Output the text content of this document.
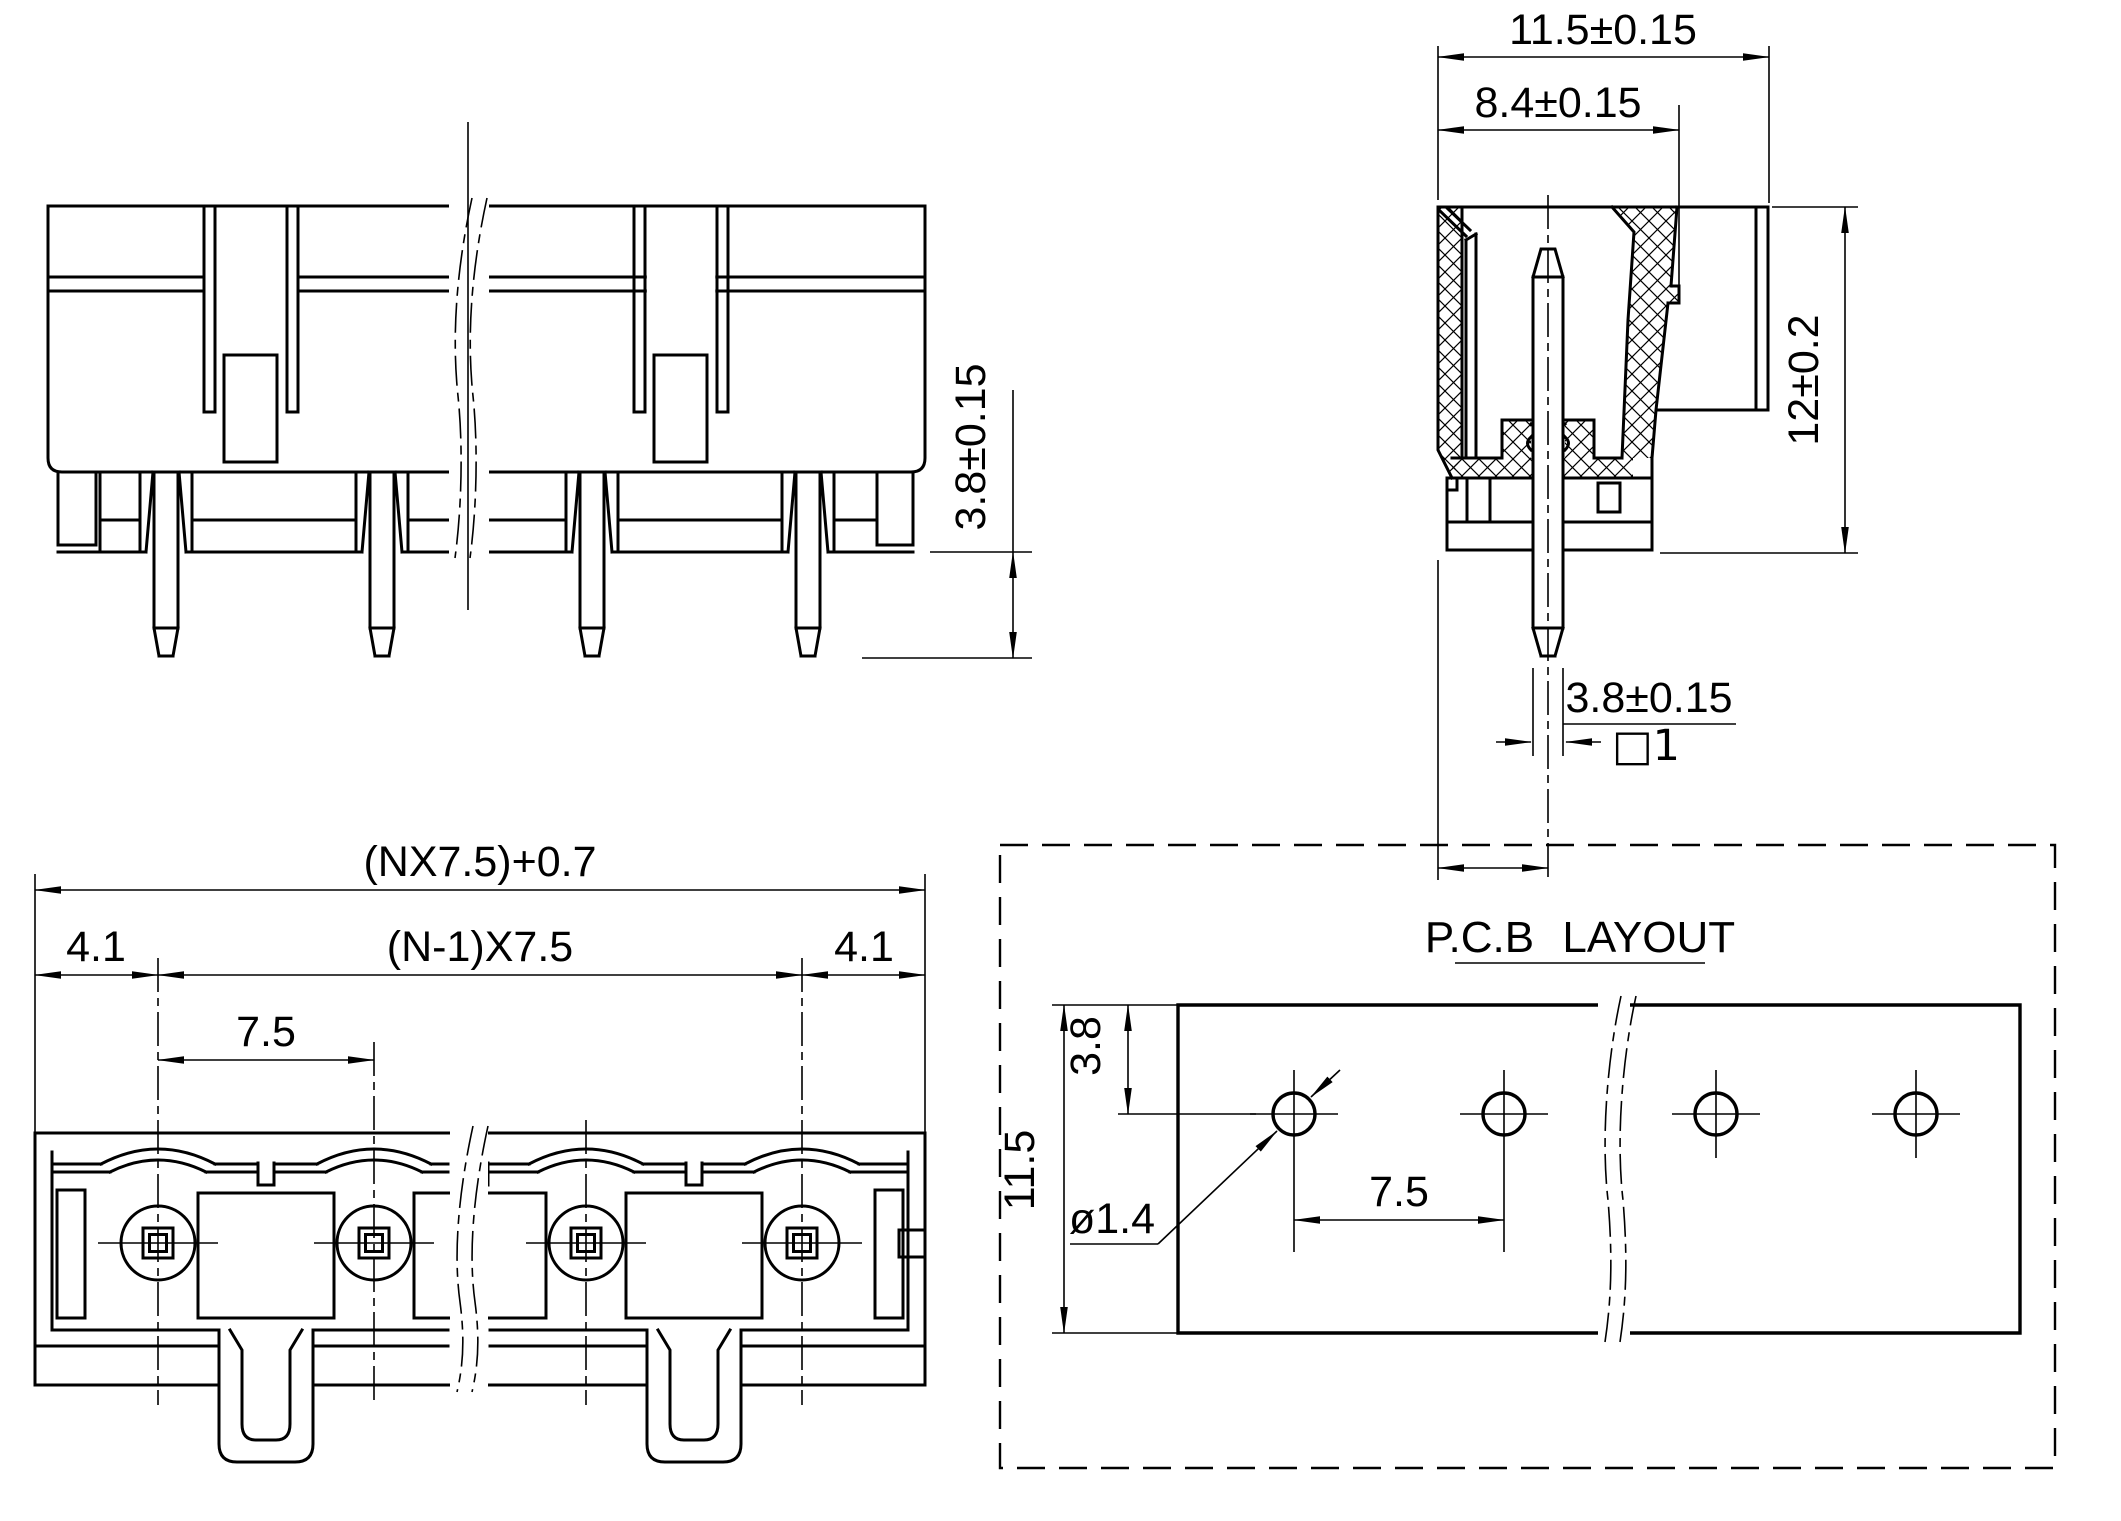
3.8±0.15
11.5±0.15
8.4±0.15
12±0.2
□1
3.8±0.15
(NX7.5)+0.7
(N-1)X7.5
4.1	4.1
7.5
P.C.B LAYOUT
11.5
3.8
7.5
ø1.4
